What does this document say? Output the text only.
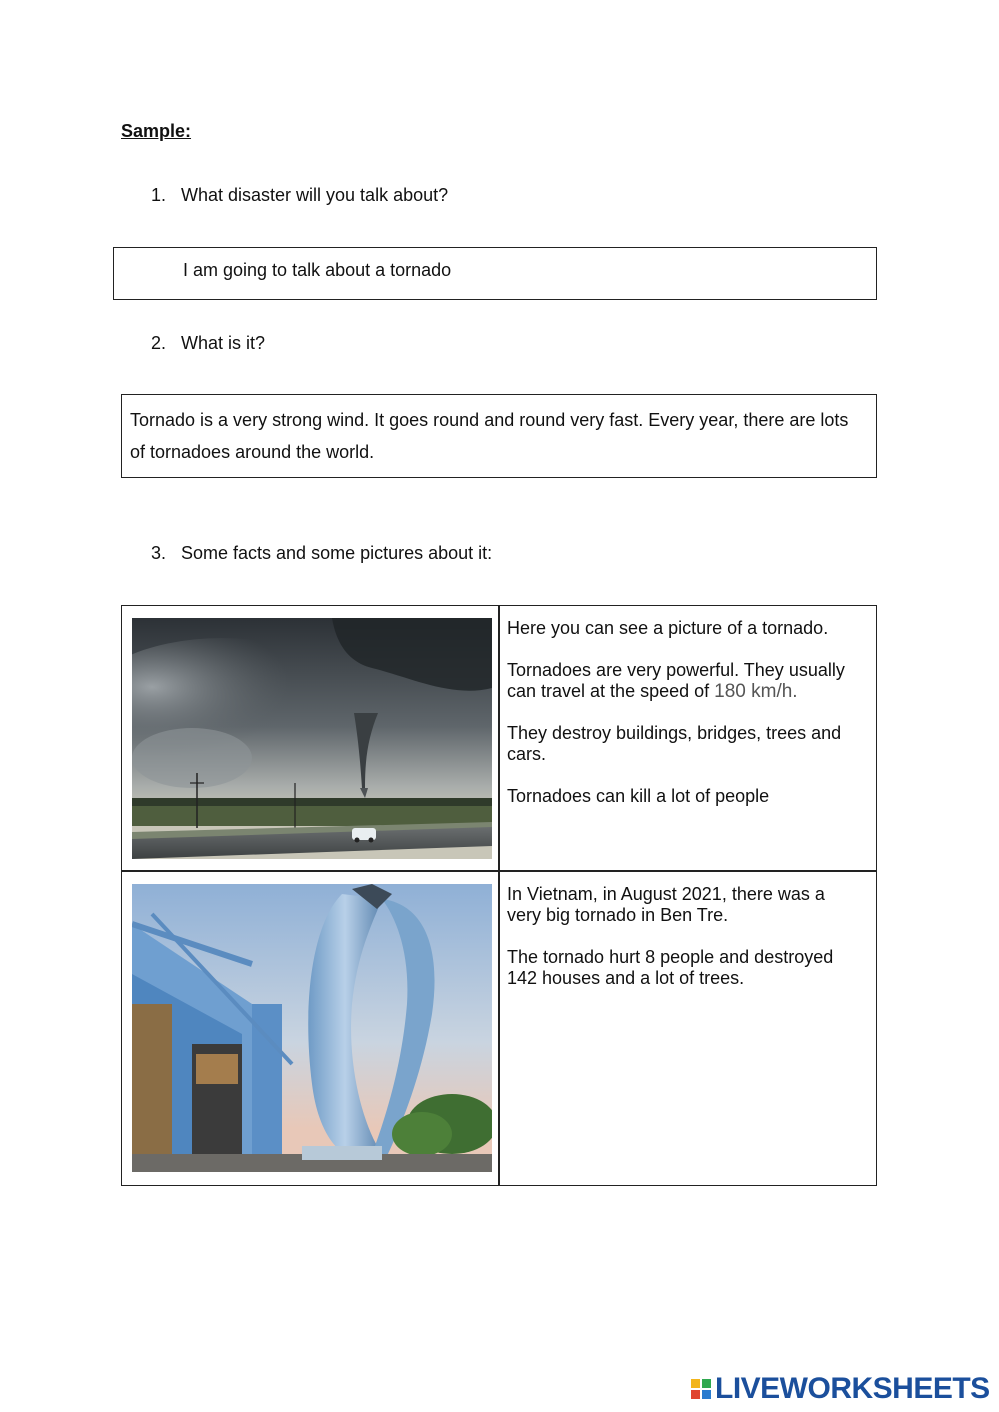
Sample:
1. What disaster will you talk about?
I am going to talk about a tornado
2. What is it?
Tornado is a very strong wind. It goes round and round very fast. Every year, there are lots of tornadoes around the world.
3. Some facts and some pictures about it:

Here you can see a picture of a tornado.

Tornadoes are very powerful. They usually can travel at the speed of 180 km/h.

They destroy buildings, bridges, trees and cars.

Tornadoes can kill a lot of people

In Vietnam, in August 2021, there was a very big tornado in Ben Tre.

The tornado hurt 8 people and destroyed 142 houses and a lot of trees.

LIVEWORKSHEETS
